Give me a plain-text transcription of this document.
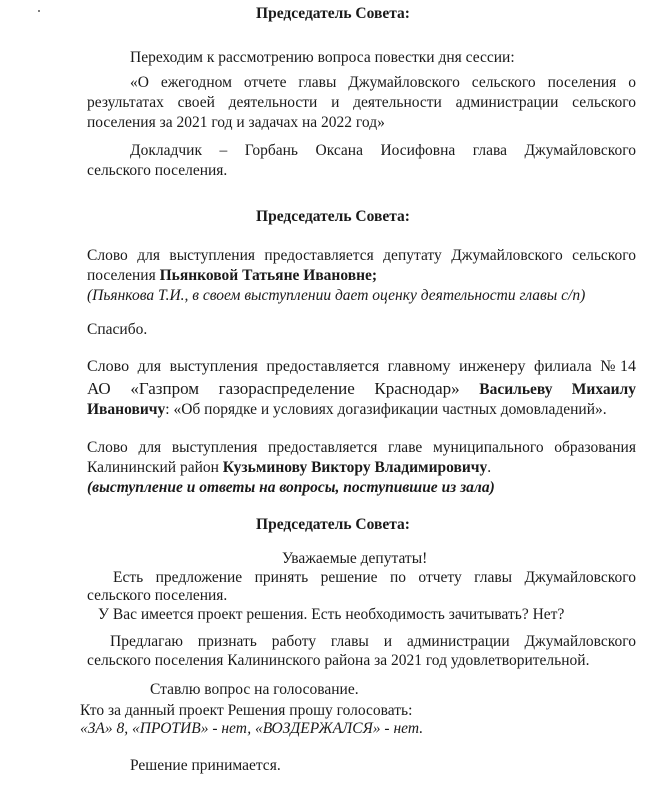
Председатель Совета:
Переходим к рассмотрению вопроса повестки дня сессии:
«О ежегодном отчете главы Джумайловского сельского поселения о
результатах своей деятельности и деятельности администрации сельского
поселения за 2021 год и задачах на 2022 год»
Докладчик – Горбань Оксана Иосифовна глава Джумайловского
сельского поселения.
Председатель Совета:
Слово для выступления предоставляется депутату Джумайловского сельского
поселения Пьянковой Татьяне Ивановне;
(Пьянкова Т.И., в своем выступлении дает оценку деятельности главы с/п)
Спасибо.
Слово для выступления предоставляется главному инженеру филиала №14
АО «Газпром газораспределение Краснодар» Васильеву Михаилу
Ивановичу: «Об порядке и условиях догазификации частных домовладений».
Слово для выступления предоставляется главе муниципального образования
Калининский район Кузьминову Виктору Владимировичу.
(выступление и ответы на вопросы, поступившие из зала)
Председатель Совета:
Уважаемые депутаты!
Есть предложение принять решение по отчету главы Джумайловского
сельского поселения.
У Вас имеется проект решения. Есть необходимость зачитывать? Нет?
Предлагаю признать работу главы и администрации Джумайловского
сельского поселения Калининского района за 2021 год удовлетворительной.
Ставлю вопрос на голосование.
Кто за данный проект Решения прошу голосовать:
«ЗА» 8, «ПРОТИВ» - нет, «ВОЗДЕРЖАЛСЯ» - нет.
Решение принимается.
